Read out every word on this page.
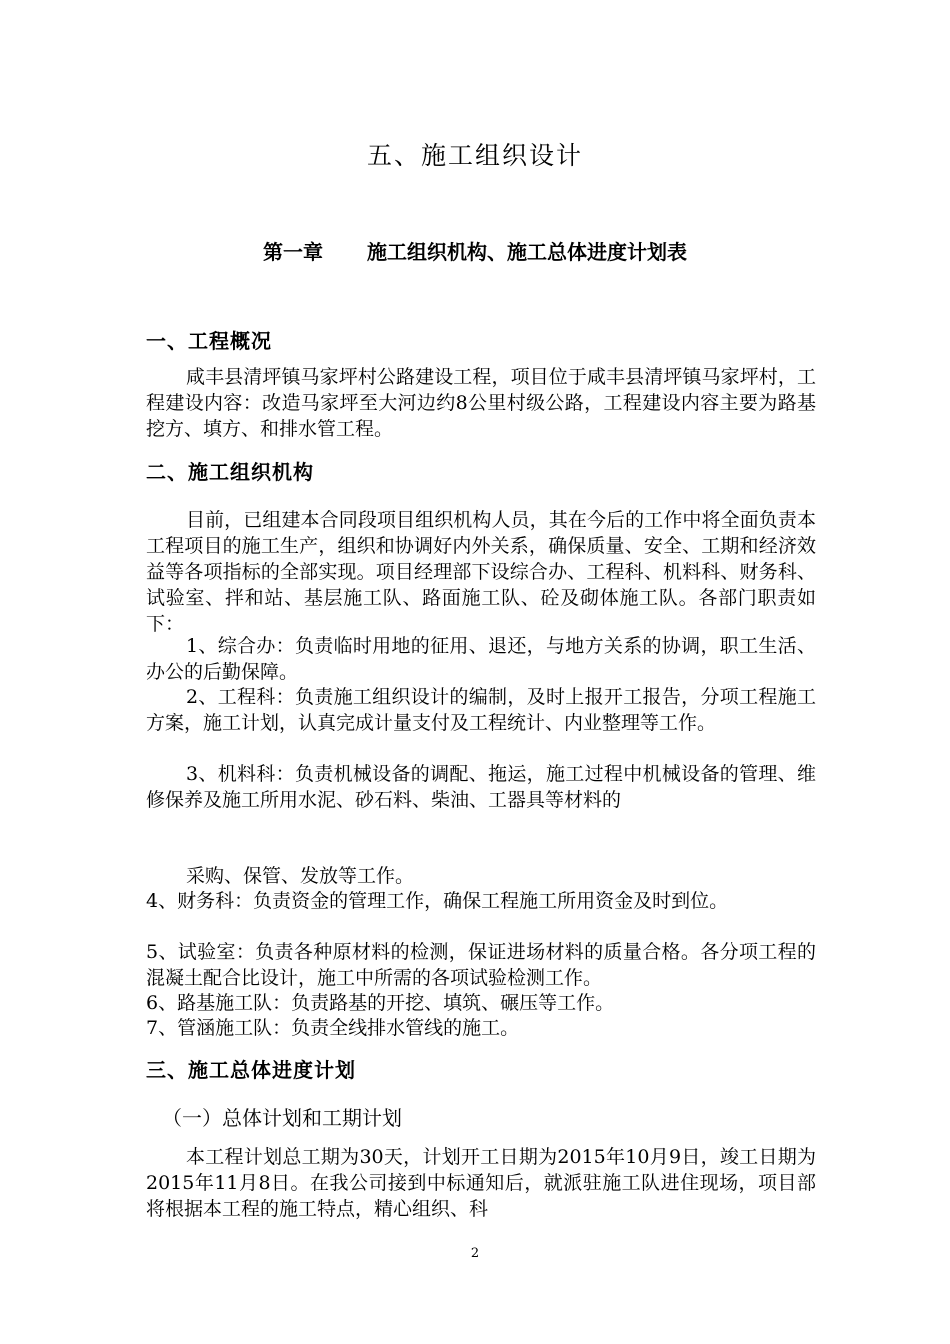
五、施工组织设计
第一章 施工组织机构、施工总体进度计划表
一、工程概况
咸丰县清坪镇马家坪村公路建设工程，项目位于咸丰县清坪镇马家坪村，工程建设内容：改造马家坪至大河边约8公里村级公路，工程建设内容主要为路基挖方、填方、和排水管工程。
二、施工组织机构
目前，已组建本合同段项目组织机构人员，其在今后的工作中将全面负责本工程项目的施工生产，组织和协调好内外关系，确保质量、安全、工期和经济效益等各项指标的全部实现。项目经理部下设综合办、工程科、机料科、财务科、试验室、拌和站、基层施工队、路面施工队、砼及砌体施工队。各部门职责如下：
1、综合办：负责临时用地的征用、退还，与地方关系的协调，职工生活、办公的后勤保障。
2、工程科：负责施工组织设计的编制，及时上报开工报告，分项工程施工方案，施工计划，认真完成计量支付及工程统计、内业整理等工作。
3、机料科：负责机械设备的调配、拖运，施工过程中机械设备的管理、维修保养及施工所用水泥、砂石料、柴油、工器具等材料的
采购、保管、发放等工作。
4、财务科：负责资金的管理工作，确保工程施工所用资金及时到位。
5、试验室：负责各种原材料的检测，保证进场材料的质量合格。各分项工程的混凝土配合比设计，施工中所需的各项试验检测工作。
6、路基施工队：负责路基的开挖、填筑、碾压等工作。
7、管涵施工队：负责全线排水管线的施工。
三、施工总体进度计划
（一）总体计划和工期计划
本工程计划总工期为30天，计划开工日期为2015年10月9日，竣工日期为2015年11月8日。在我公司接到中标通知后，就派驻施工队进住现场，项目部将根据本工程的施工特点，精心组织、科
2
